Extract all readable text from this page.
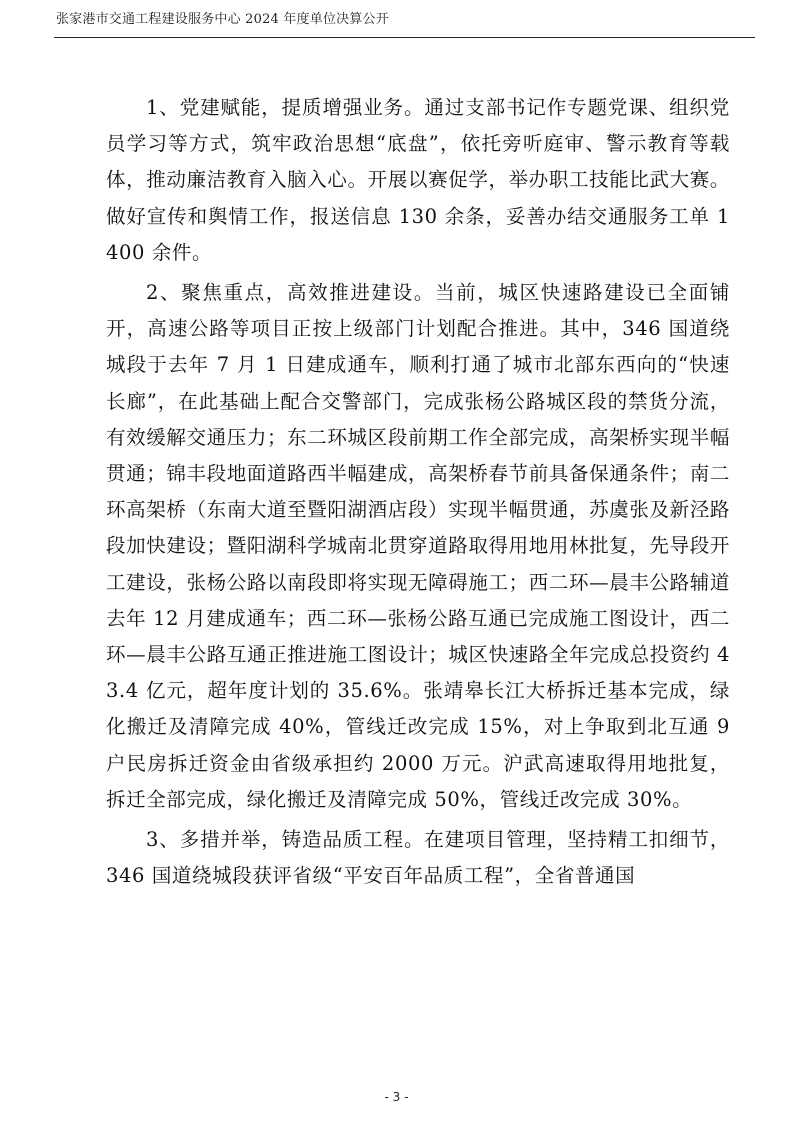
张家港市交通工程建设服务中心 2024 年度单位决算公开

1、党建赋能，提质增强业务。通过支部书记作专题党课、组织党员学习等方式，筑牢政治思想“底盘”，依托旁听庭审、警示教育等载体，推动廉洁教育入脑入心。开展以赛促学，举办职工技能比武大赛。做好宣传和舆情工作，报送信息 130 余条，妥善办结交通服务工单 1400 余件。

2、聚焦重点，高效推进建设。当前，城区快速路建设已全面铺开，高速公路等项目正按上级部门计划配合推进。其中，346 国道绕城段于去年 7 月 1 日建成通车，顺利打通了城市北部东西向的“快速长廊”，在此基础上配合交警部门，完成张杨公路城区段的禁货分流，有效缓解交通压力；东二环城区段前期工作全部完成，高架桥实现半幅贯通；锦丰段地面道路西半幅建成，高架桥春节前具备保通条件；南二环高架桥（东南大道至暨阳湖酒店段）实现半幅贯通，苏虞张及新泾路段加快建设；暨阳湖科学城南北贯穿道路取得用地用林批复，先导段开工建设，张杨公路以南段即将实现无障碍施工；西二环—晨丰公路辅道去年 12 月建成通车；西二环—张杨公路互通已完成施工图设计，西二环—晨丰公路互通正推进施工图设计；城区快速路全年完成总投资约 43.4 亿元，超年度计划的 35.6%。张靖皋长江大桥拆迁基本完成，绿化搬迁及清障完成 40%，管线迁改完成 15%，对上争取到北互通 9 户民房拆迁资金由省级承担约 2000 万元。沪武高速取得用地批复，拆迁全部完成，绿化搬迁及清障完成 50%，管线迁改完成 30%。

3、多措并举，铸造品质工程。在建项目管理，坚持精工扣细节，346 国道绕城段获评省级“平安百年品质工程”，全省普通国

- 3 -
